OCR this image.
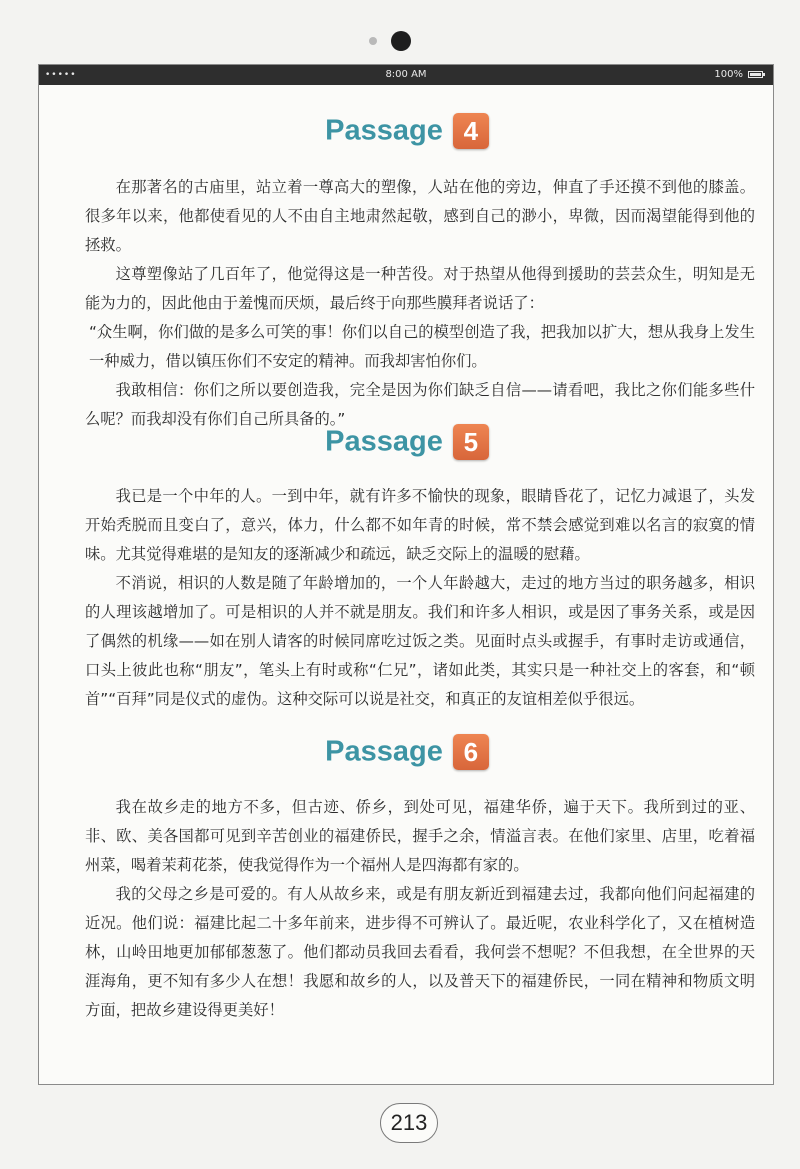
•••••	8:00 AM	100%
Passage 4

在那著名的古庙里，站立着一尊高大的塑像，人站在他的旁边，伸直了手还摸不到他的膝盖。很多年以来，他都使看见的人不由自主地肃然起敬，感到自己的渺小，卑微，因而渴望能得到他的拯救。

这尊塑像站了几百年了，他觉得这是一种苦役。对于热望从他得到援助的芸芸众生，明知是无能为力的，因此他由于羞愧而厌烦，最后终于向那些膜拜者说话了：

“众生啊，你们做的是多么可笑的事！你们以自己的模型创造了我，把我加以扩大，想从我身上发生一种威力，借以镇压你们不安定的精神。而我却害怕你们。

我敢相信：你们之所以要创造我，完全是因为你们缺乏自信——请看吧，我比之你们能多些什么呢？而我却没有你们自己所具备的。”

Passage 5

我已是一个中年的人。一到中年，就有许多不愉快的现象，眼睛昏花了，记忆力减退了，头发开始秃脱而且变白了，意兴，体力，什么都不如年青的时候，常不禁会感觉到难以名言的寂寞的情味。尤其觉得难堪的是知友的逐渐减少和疏远，缺乏交际上的温暖的慰藉。

不消说，相识的人数是随了年龄增加的，一个人年龄越大，走过的地方当过的职务越多，相识的人理该越增加了。可是相识的人并不就是朋友。我们和许多人相识，或是因了事务关系，或是因了偶然的机缘——如在别人请客的时候同席吃过饭之类。见面时点头或握手，有事时走访或通信，口头上彼此也称“朋友”，笔头上有时或称“仁兄”，诸如此类，其实只是一种社交上的客套，和“顿首”“百拜”同是仪式的虚伪。这种交际可以说是社交，和真正的友谊相差似乎很远。

Passage 6

我在故乡走的地方不多，但古迹、侨乡，到处可见，福建华侨，遍于天下。我所到过的亚、非、欧、美各国都可见到辛苦创业的福建侨民，握手之余，情溢言表。在他们家里、店里，吃着福州菜，喝着茉莉花茶，使我觉得作为一个福州人是四海都有家的。

我的父母之乡是可爱的。有人从故乡来，或是有朋友新近到福建去过，我都向他们问起福建的近况。他们说：福建比起二十多年前来，进步得不可辨认了。最近呢，农业科学化了，又在植树造林，山岭田地更加郁郁葱葱了。他们都动员我回去看看，我何尝不想呢？不但我想，在全世界的天涯海角，更不知有多少人在想！我愿和故乡的人，以及普天下的福建侨民，一同在精神和物质文明方面，把故乡建设得更美好！

213
